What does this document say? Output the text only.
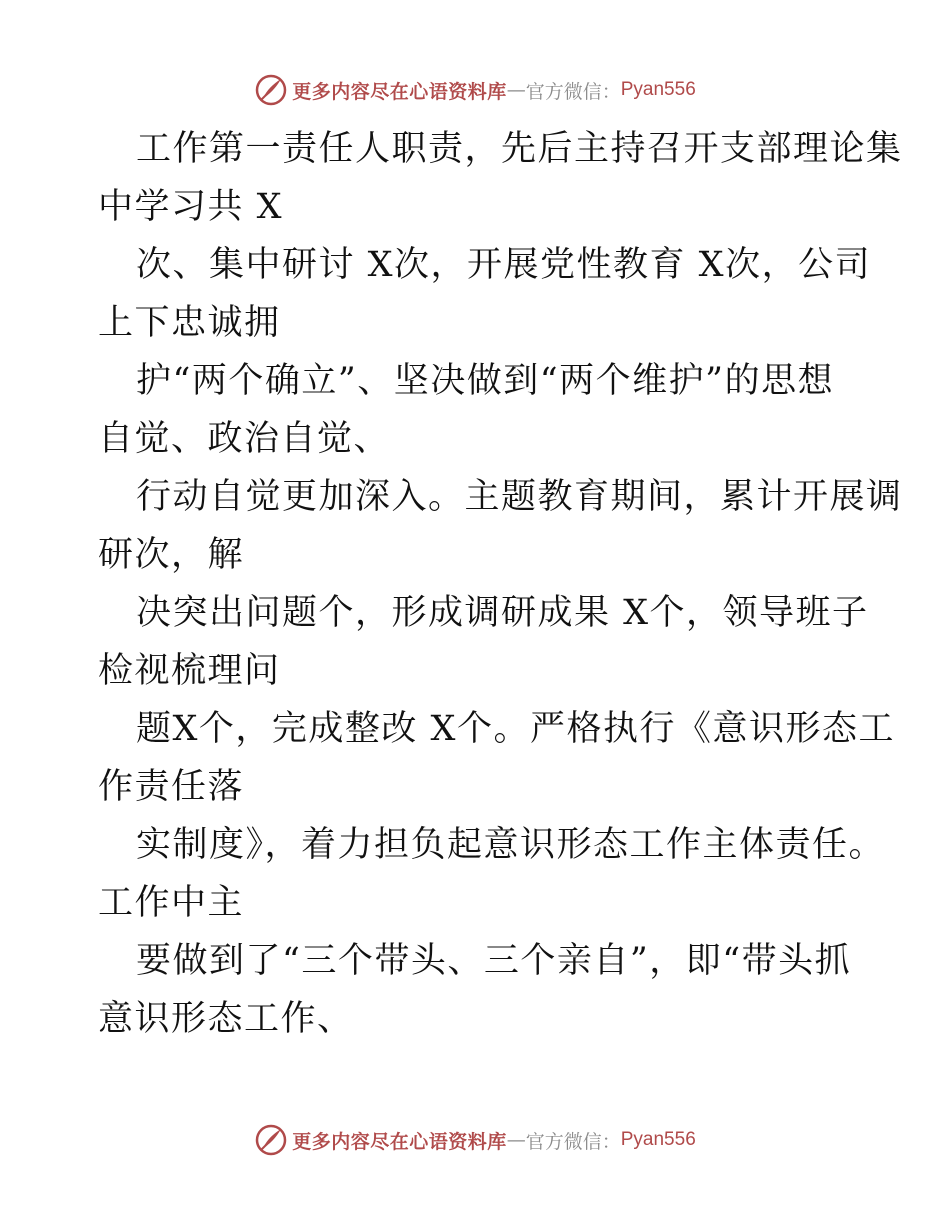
更多内容尽在心语资料库 — 官方微信： Pyan556
工作第一责任人职责，先后主持召开支部理论集
中学习共 X
次、集中研讨 X次，开展党性教育 X次，公司
上下忠诚拥
护“两个确立”、坚决做到“两个维护”的思想
自觉、政治自觉、
行动自觉更加深入。主题教育期间，累计开展调
研次，解
决突出问题个，形成调研成果 X个，领导班子
检视梳理问
题X个，完成整改 X个。严格执行《意识形态工
作责任落
实制度》，着力担负起意识形态工作主体责任。
工作中主
要做到了“三个带头、三个亲自”，即“带头抓
意识形态工作、
更多内容尽在心语资料库 — 官方微信： Pyan556
